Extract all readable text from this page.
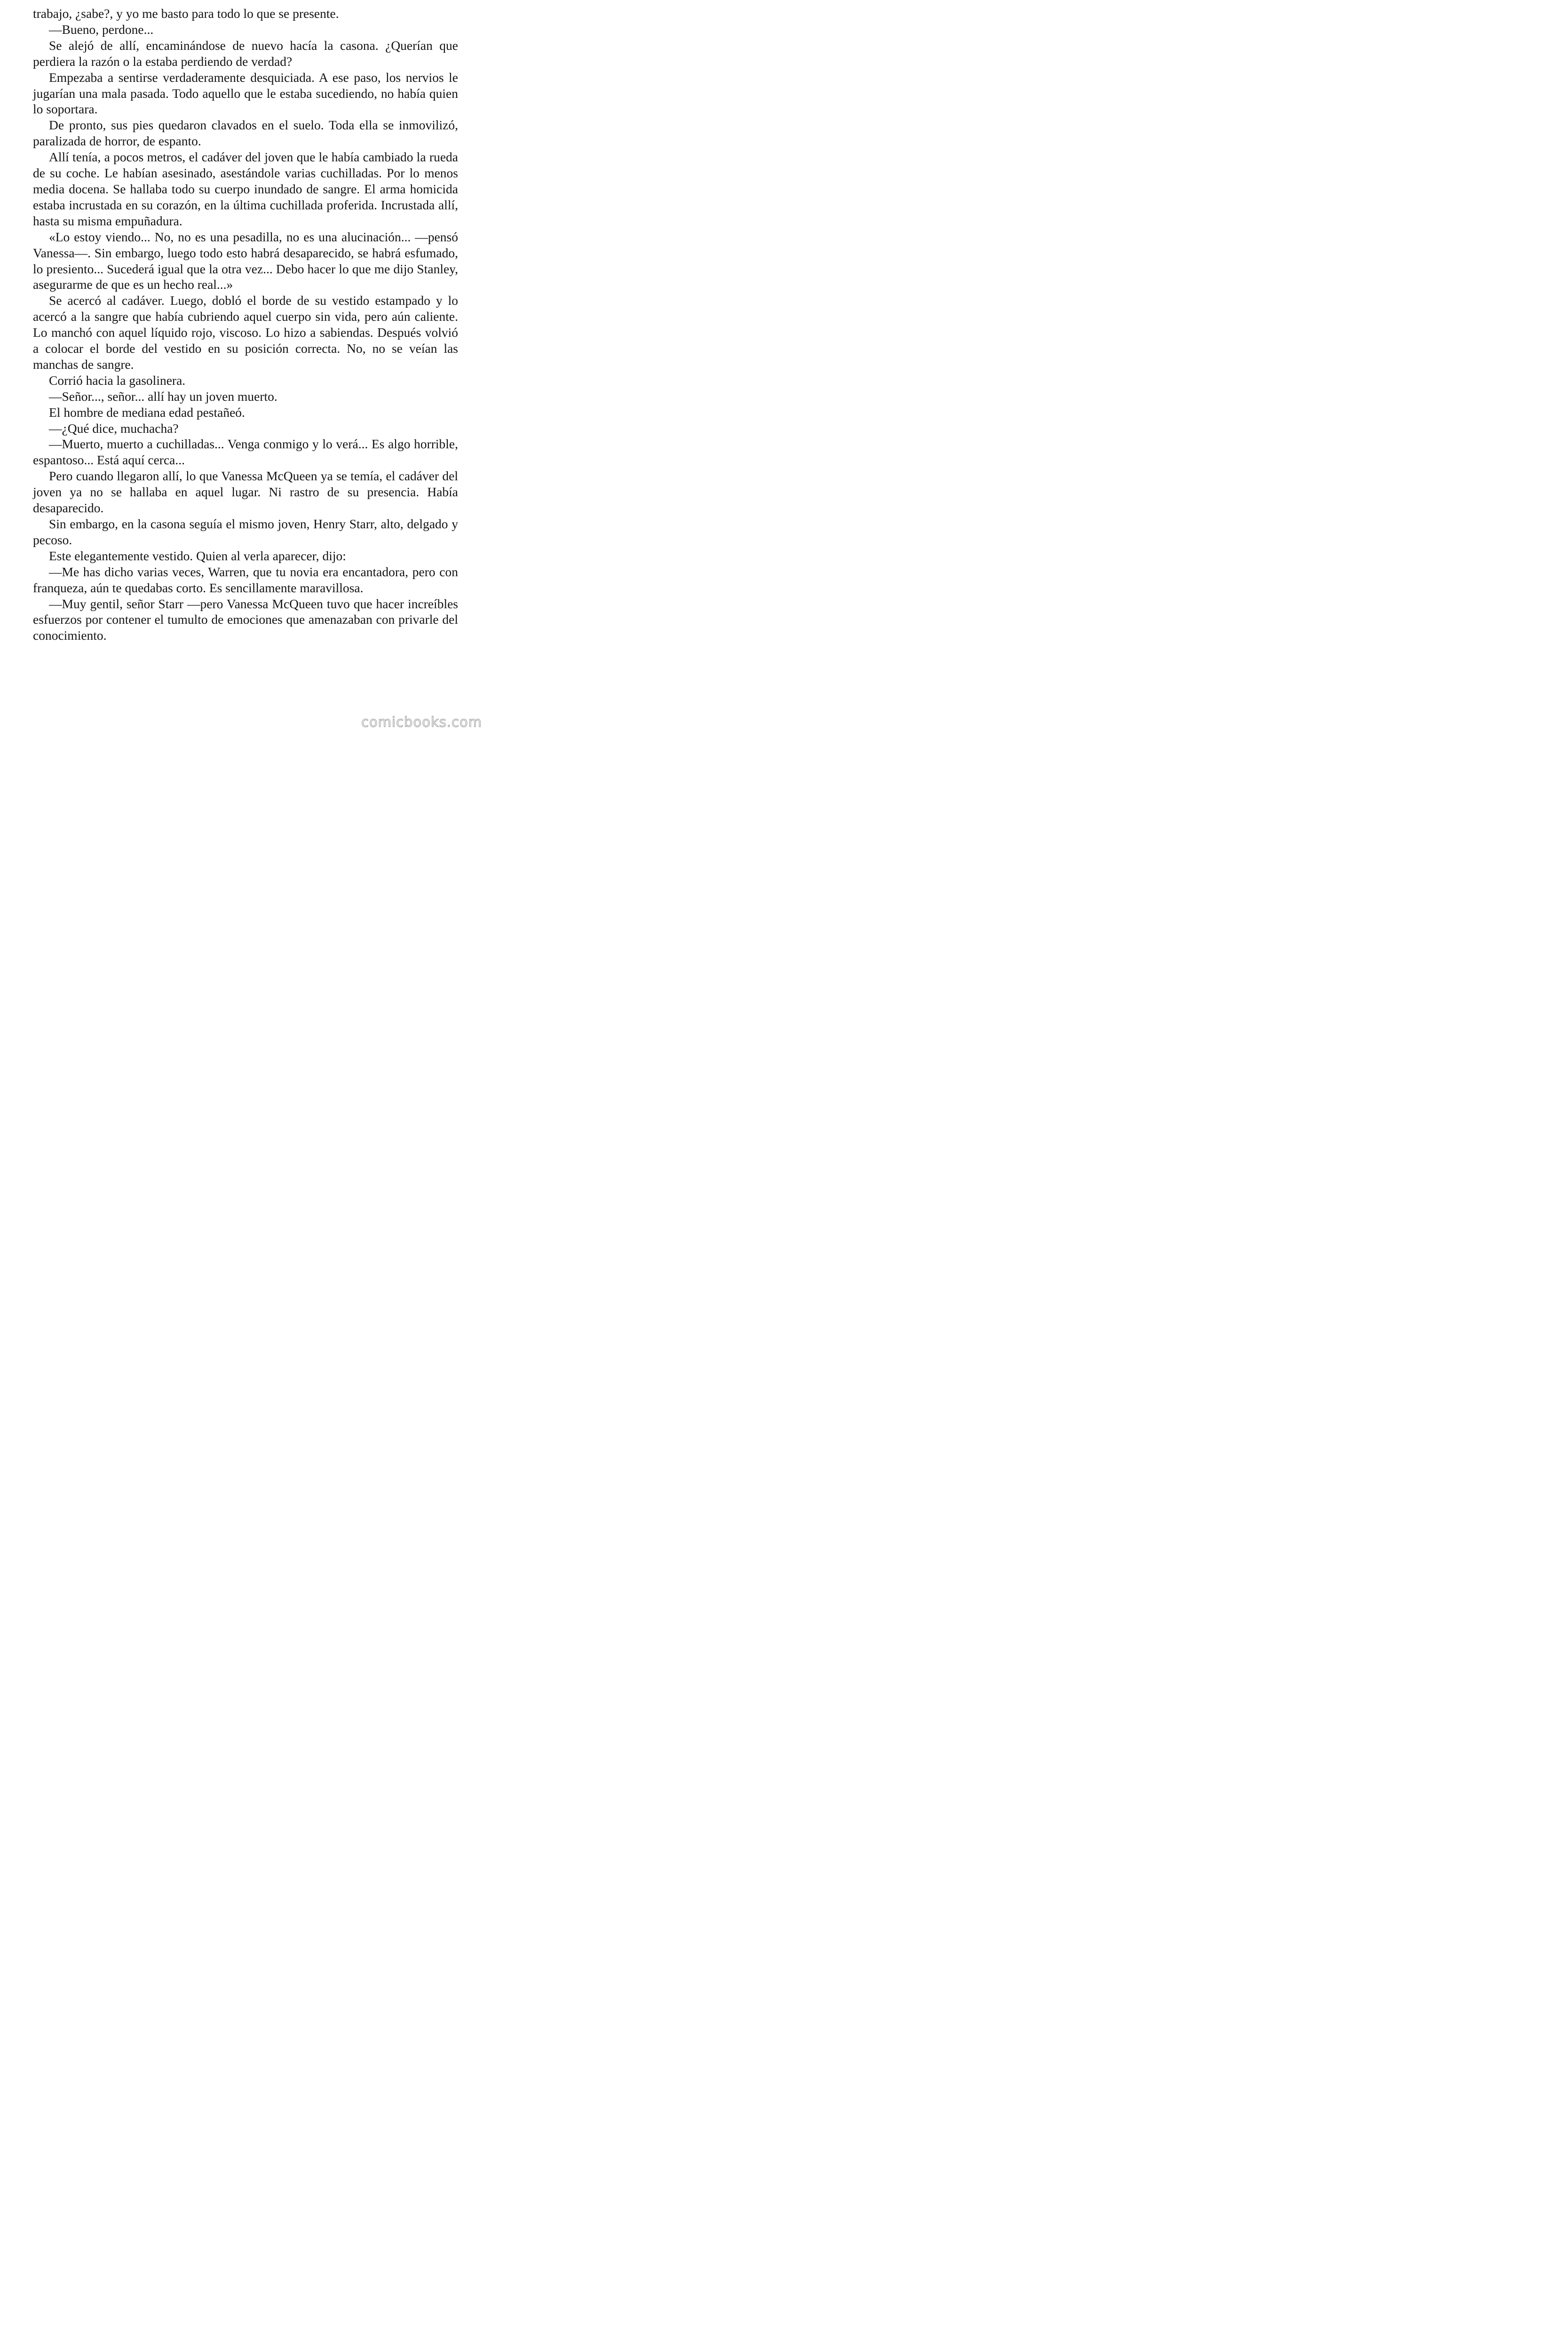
trabajo, ¿sabe?, y yo me basto para todo lo que se presente.

—Bueno, perdone...

Se alejó de allí, encaminándose de nuevo hacía la casona. ¿Querían que perdiera la razón o la estaba perdiendo de verdad?

Empezaba a sentirse verdaderamente desquiciada. A ese paso, los nervios le jugarían una mala pasada. Todo aquello que le estaba sucediendo, no había quien lo soportara.

De pronto, sus pies quedaron clavados en el suelo. Toda ella se inmovilizó, paralizada de horror, de espanto.

Allí tenía, a pocos metros, el cadáver del joven que le había cambiado la rueda de su coche. Le habían asesinado, asestándole varias cuchilladas. Por lo menos media docena. Se hallaba todo su cuerpo inundado de sangre. El arma homicida estaba incrustada en su corazón, en la última cuchillada proferida. Incrustada allí, hasta su misma empuñadura.

«Lo estoy viendo... No, no es una pesadilla, no es una alucinación... —pensó Vanessa—. Sin embargo, luego todo esto habrá desaparecido, se habrá esfumado, lo presiento... Sucederá igual que la otra vez... Debo hacer lo que me dijo Stanley, asegurarme de que es un hecho real...»

Se acercó al cadáver. Luego, dobló el borde de su vestido estampado y lo acercó a la sangre que había cubriendo aquel cuerpo sin vida, pero aún caliente. Lo manchó con aquel líquido rojo, viscoso. Lo hizo a sabiendas. Después volvió a colocar el borde del vestido en su posición correcta. No, no se veían las manchas de sangre.

Corrió hacia la gasolinera.

—Señor..., señor... allí hay un joven muerto.

El hombre de mediana edad pestañeó.

—¿Qué dice, muchacha?

—Muerto, muerto a cuchilladas... Venga conmigo y lo verá... Es algo horrible, espantoso... Está aquí cerca...

Pero cuando llegaron allí, lo que Vanessa McQueen ya se temía, el cadáver del joven ya no se hallaba en aquel lugar. Ni rastro de su presencia. Había desaparecido.

Sin embargo, en la casona seguía el mismo joven, Henry Starr, alto, delgado y pecoso.

Este elegantemente vestido. Quien al verla aparecer, dijo:

—Me has dicho varias veces, Warren, que tu novia era encantadora, pero con franqueza, aún te quedabas corto. Es sencillamente maravillosa.

—Muy gentil, señor Starr —pero Vanessa McQueen tuvo que hacer increíbles esfuerzos por contener el tumulto de emociones que amenazaban con privarle del conocimiento.

comicbooks.com
